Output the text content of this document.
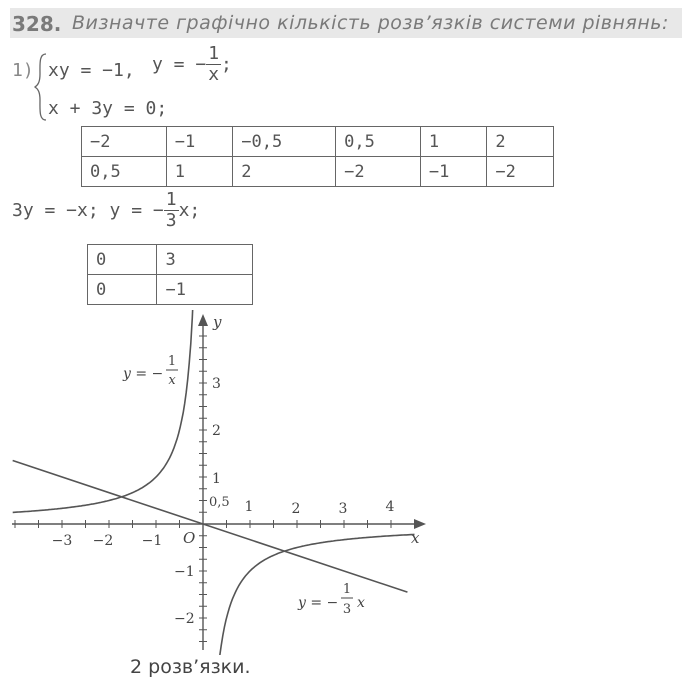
328. Визначте графічно кількість розв’язків системи рівнянь:
1) xy = −1, y = − $\frac{1}{x}$ ;
x + 3y = 0;
−2	−1	−0,5	0,5	1	2
0,5	1	2	−2	−1	−2
3y = −x; y = − $\frac{1}{3} x$;
0	3
0	−1
−3 −2 −1
1	2	3	4
3
2
1
0,5
−1
−2
O	x
y
y = −
1
x
y = −
1
3 x
2 розв’язки.
